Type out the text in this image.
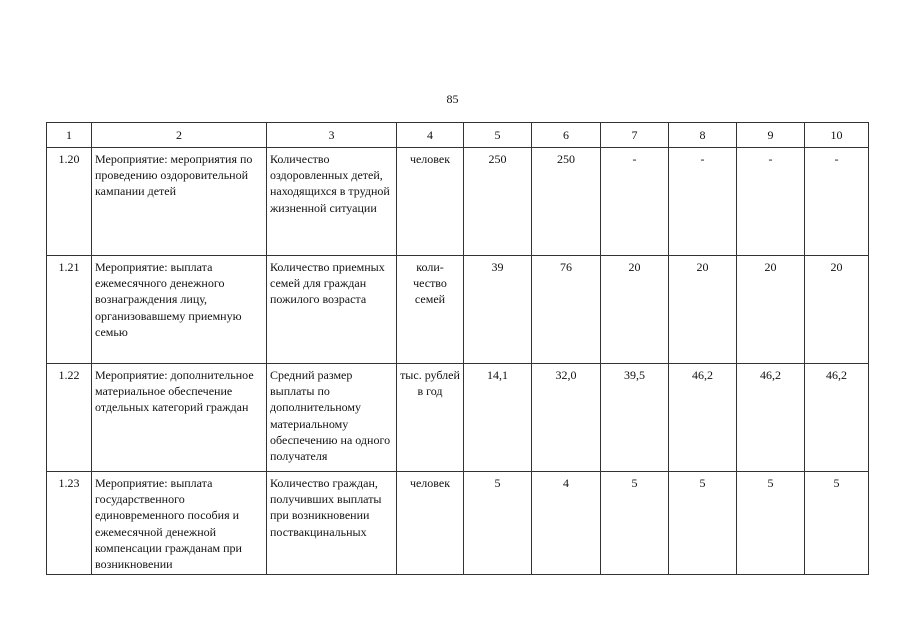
85
1	2	3	4	5	6	7	8	9	10
1.20	Мероприятие: мероприятия по проведению оздоровительной кампании детей	Количество оздоровленных детей, находящихся в трудной жизненной ситуации	человек	250	250	-	-	-	-
1.21	Мероприятие: выплата ежемесячного денежного вознаграждения лицу, организовавшему приемную семью	Количество приемных семей для граждан пожилого возраста	коли-чество семей	39	76	20	20	20	20
1.22	Мероприятие: дополнительное материальное обеспечение отдельных категорий граждан	Средний размер выплаты по дополнительному материальному обеспечению на одного получателя	тыс. рублей в год	14,1	32,0	39,5	46,2	46,2	46,2
1.23	Мероприятие: выплата государственного единовременного пособия и ежемесячной денежной компенсации гражданам при возникновении	Количество граждан, получивших выплаты при возникновении поствакцинальных	человек	5	4	5	5	5	5
